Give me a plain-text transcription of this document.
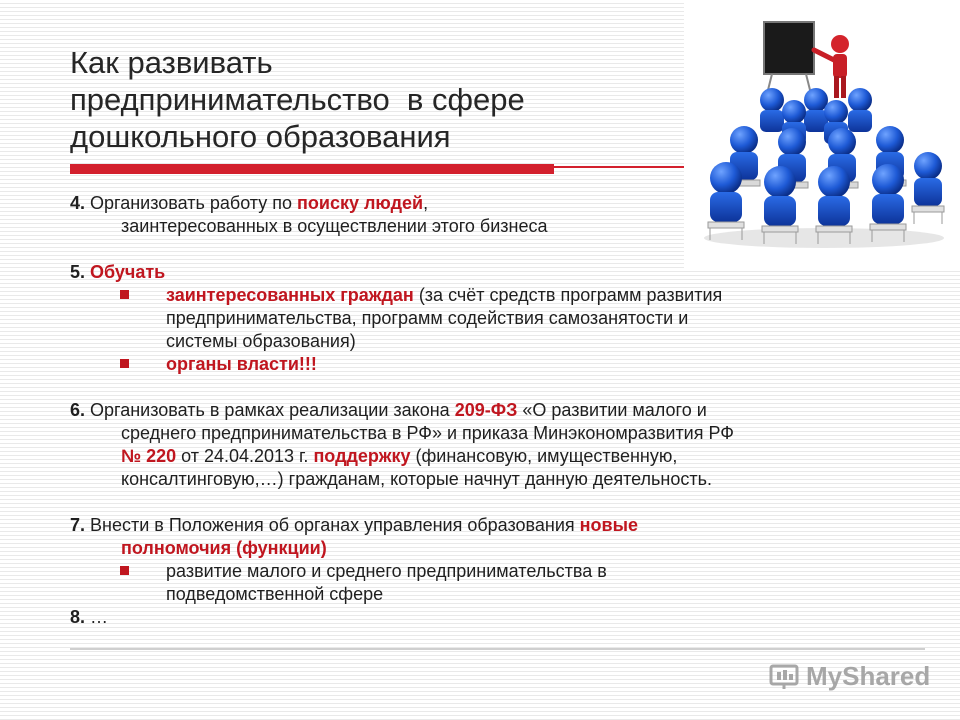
Как развивать
предпринимательство  в сфере
дошкольного образования

4. Организовать работу по поиску людей,

заинтересованных в осуществлении этого бизнеса

5. Обучать

заинтересованных граждан (за счёт средств программ развития
предпринимательства, программ содействия самозанятости и
системы образования)
органы власти!!!

6. Организовать в рамках реализации закона 209-ФЗ «О развитии малого и

среднего предпринимательства в РФ» и приказа Минэкономразвития РФ

№ 220 от 24.04.2013 г. поддержку (финансовую, имущественную,

консалтинговую,…) гражданам, которые начнут данную деятельность.

7. Внести в Положения об органах управления образования новые

полномочия (функции)

развитие малого и среднего предпринимательства в
подведомственной сфере

8. …

MyShared
